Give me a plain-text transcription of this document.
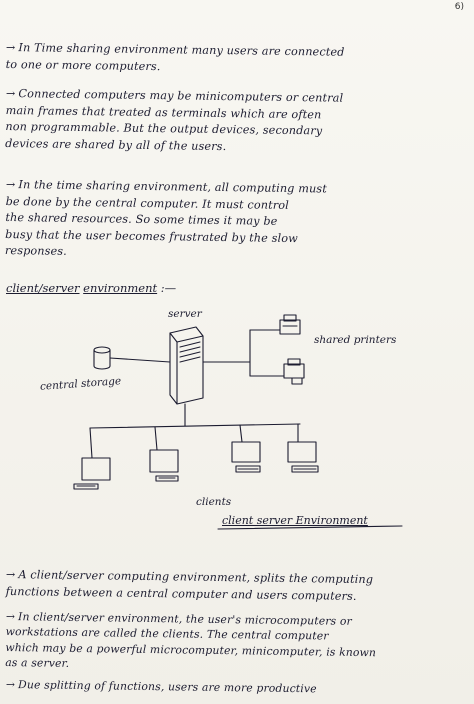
6)
→ In Time sharing environment many users are connected
to one or more computers.
→ Connected computers may be minicomputers or central
main frames that treated as terminals which are often
non programmable. But the output devices, secondary
devices are shared by all of the users.
→ In the time sharing environment, all computing must
be done by the central computer. It must control
the shared resources. So some times it may be
busy that the user becomes frustrated by the slow
responses.
client/server environment :—
server
central storage
shared printers
clients
client server Environment
→ A client/server computing environment, splits the computing
functions between a central computer and users computers.
→ In client/server environment, the user's microcomputers or
workstations are called the clients. The central computer
which may be a powerful microcomputer, minicomputer, is known
as a server.
→ Due splitting of functions, users are more productive
